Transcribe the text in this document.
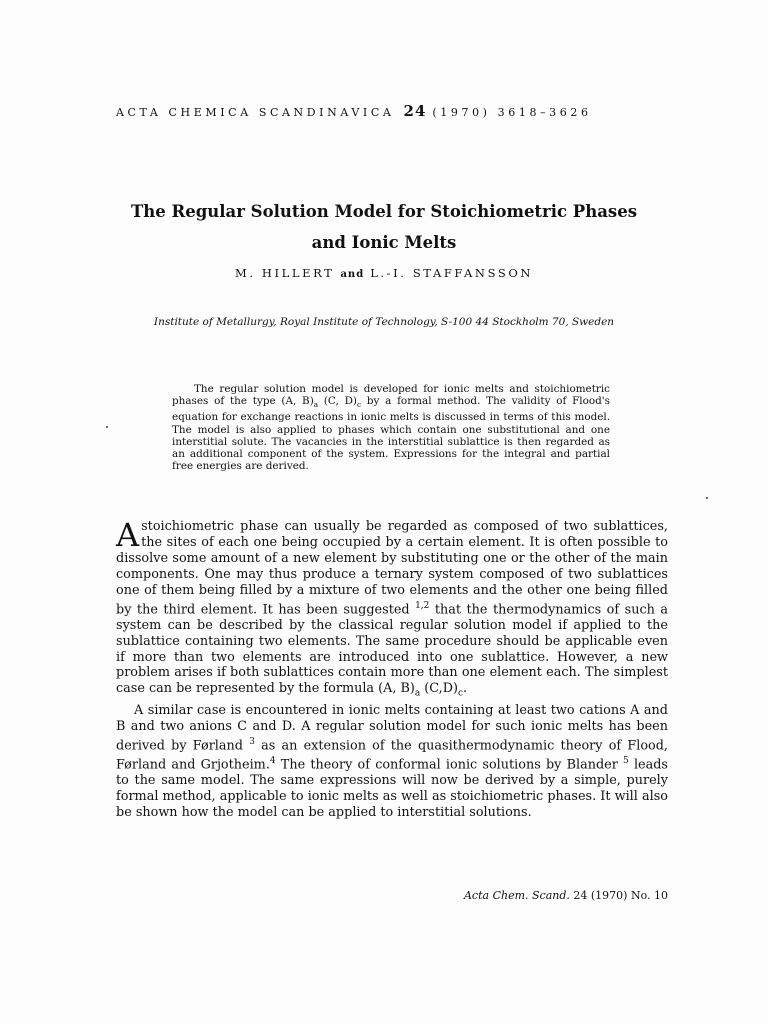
ACTA CHEMICA SCANDINAVICA 24 (1970) 3618–3626
The Regular Solution Model for Stoichiometric Phases
and Ionic Melts
M. HILLERT and L.-I. STAFFANSSON
Institute of Metallurgy, Royal Institute of Technology, S-100 44 Stockholm 70, Sweden
The regular solution model is developed for ionic melts and stoichiometric phases of the type (A, $B)_a$ (C, $D)_c$ by a formal method. The validity of Flood's equation for exchange reactions in ionic melts is discussed in terms of this model. The model is also applied to phases which contain one substitutional and one interstitial solute. The vacancies in the interstitial sublattice is then regarded as an additional component of the system. Expressions for the integral and partial free energies are derived.

Astoichiometric phase can usually be regarded as composed of two sublattices, the sites of each one being occupied by a certain element. It is often possible to dissolve some amount of a new element by substituting one or the other of the main components. One may thus produce a ternary system composed of two sublattices one of them being filled by a mixture of two elements and the other one being filled by the third element. It has been suggested $^{1,2}$ that the thermodynamics of such a system can be described by the classical regular solution model if applied to the sublattice containing two elements. The same procedure should be applicable even if more than two elements are introduced into one sublattice. However, a new problem arises if both sublattices contain more than one element each. The simplest case can be represented by the formula (A, $B)_a$ $(C,D)_c$.

A similar case is encountered in ionic melts containing at least two cations A and B and two anions C and D. A regular solution model for such ionic melts has been derived by Førland $^3$ as an extension of the quasithermodynamic theory of Flood, Førland and Grjotheim.$^4$ The theory of conformal ionic solutions by Blander $^5$ leads to the same model. The same expressions will now be derived by a simple, purely formal method, applicable to ionic melts as well as stoichiometric phases. It will also be shown how the model can be applied to interstitial solutions.

Acta Chem. Scand. 24 (1970) No. 10
